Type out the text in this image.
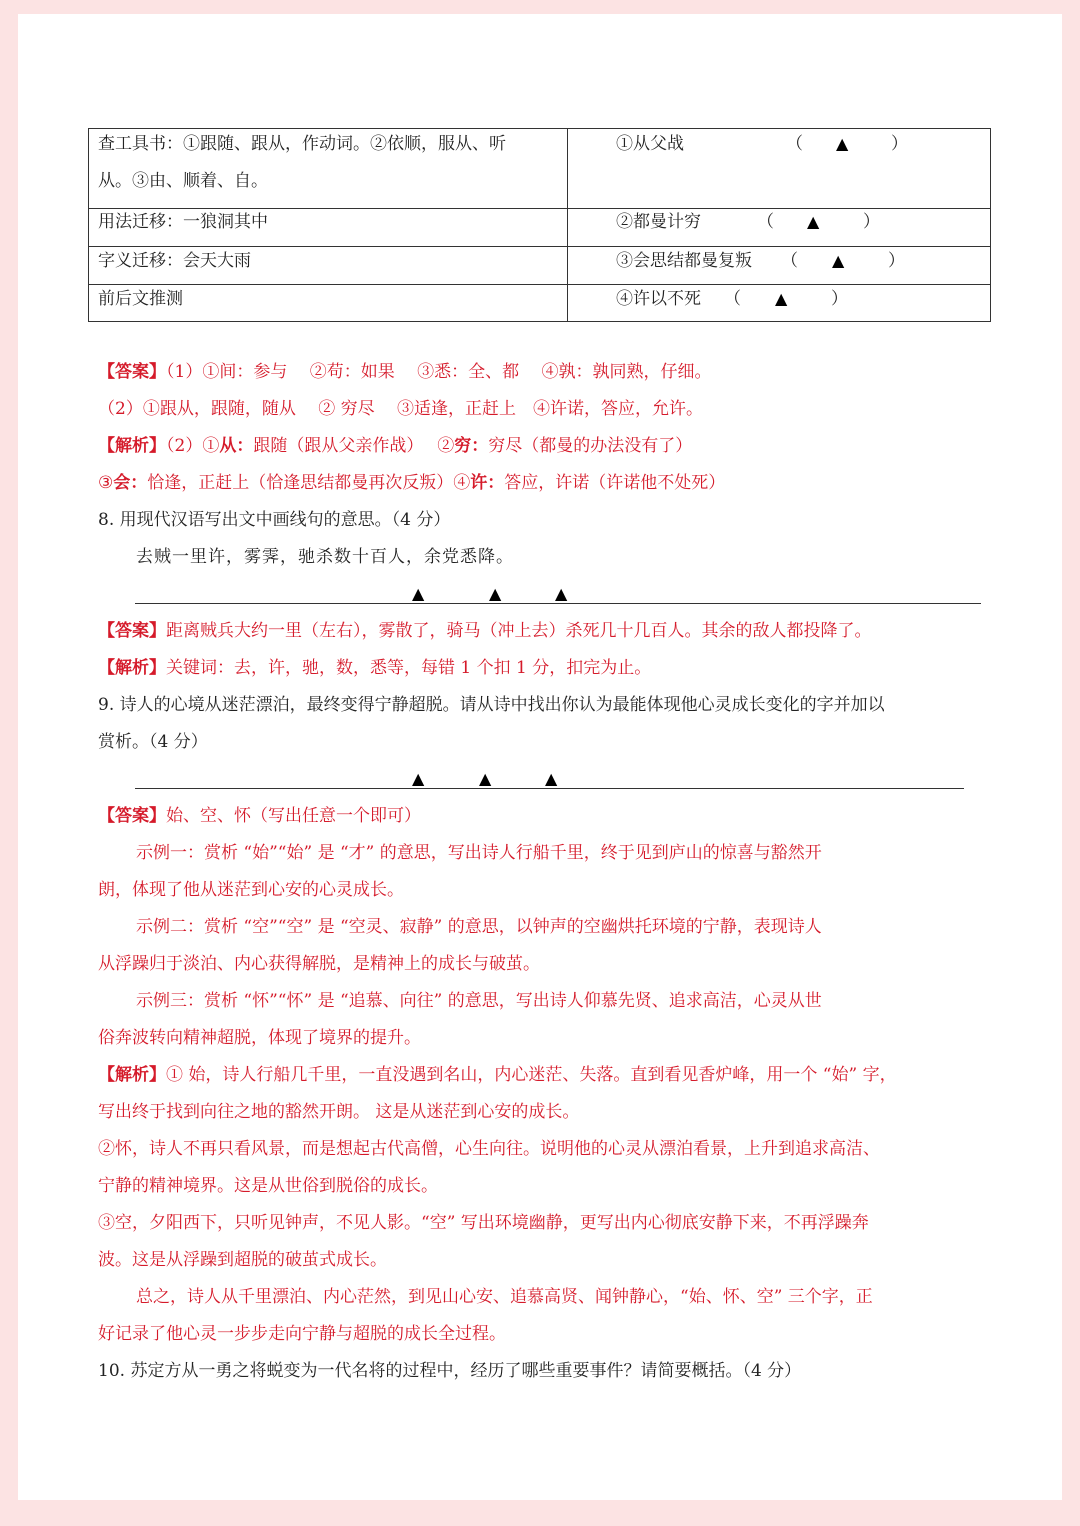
查工具书：①跟随、跟从，作动词。②依顺，服从、听
从。③由、顺着、自。
①从父战	（ ▲	）
用法迁移：一狼洞其中	②都曼计穷	（ ▲	）
字义迁移：会天大雨	③会思结都曼复叛 （ ▲	）
前后文推测	④许以不死 （ ▲	）
【答案】（1）①间：参与　 ②苟：如果　 ③悉：全、都　 ④孰：孰同熟，仔细。
（2）①跟从，跟随，随从　 ② 穷尽　 ③适逢，正赶上　④许诺，答应，允许。
【解析】（2）①从：跟随（跟从父亲作战）　 ②穷：穷尽（都曼的办法没有了）
③会：恰逢，正赶上（恰逢思结都曼再次反叛）④许：答应，许诺（许诺他不处死）
8. 用现代汉语写出文中画线句的意思。（4 分）
去贼一里许，雾霁，驰杀数十百人，余党悉降。
▲	▲	▲
【答案】距离贼兵大约一里（左右），雾散了，骑马（冲上去）杀死几十几百人。其余的敌人都投降了。
【解析】关键词：去，许，驰，数，悉等，每错 1 个扣 1 分，扣完为止。
9. 诗人的心境从迷茫漂泊，最终变得宁静超脱。请从诗中找出你认为最能体现他心灵成长变化的字并加以
赏析。（4 分）
▲	▲	▲
【答案】始、空、怀（写出任意一个即可）
示例一：赏析 “始”“始” 是 “才” 的意思，写出诗人行船千里，终于见到庐山的惊喜与豁然开
朗，体现了他从迷茫到心安的心灵成长。
示例二：赏析 “空”“空” 是 “空灵、寂静” 的意思，以钟声的空幽烘托环境的宁静，表现诗人
从浮躁归于淡泊、内心获得解脱，是精神上的成长与破茧。
示例三：赏析 “怀”“怀” 是 “追慕、向往” 的意思，写出诗人仰慕先贤、追求高洁，心灵从世
俗奔波转向精神超脱，体现了境界的提升。
【解析】① 始，诗人行船几千里，一直没遇到名山，内心迷茫、失落。直到看见香炉峰，用一个 “始” 字，
写出终于找到向往之地的豁然开朗。 这是从迷茫到心安的成长。
②怀，诗人不再只看风景，而是想起古代高僧，心生向往。说明他的心灵从漂泊看景，上升到追求高洁、
宁静的精神境界。这是从世俗到脱俗的成长。
③空，夕阳西下，只听见钟声，不见人影。“空” 写出环境幽静，更写出内心彻底安静下来，不再浮躁奔
波。这是从浮躁到超脱的破茧式成长。
总之，诗人从千里漂泊、内心茫然，到见山心安、追慕高贤、闻钟静心，“始、怀、空” 三个字，正
好记录了他心灵一步步走向宁静与超脱的成长全过程。
10. 苏定方从一勇之将蜕变为一代名将的过程中，经历了哪些重要事件？请简要概括。（4 分）
